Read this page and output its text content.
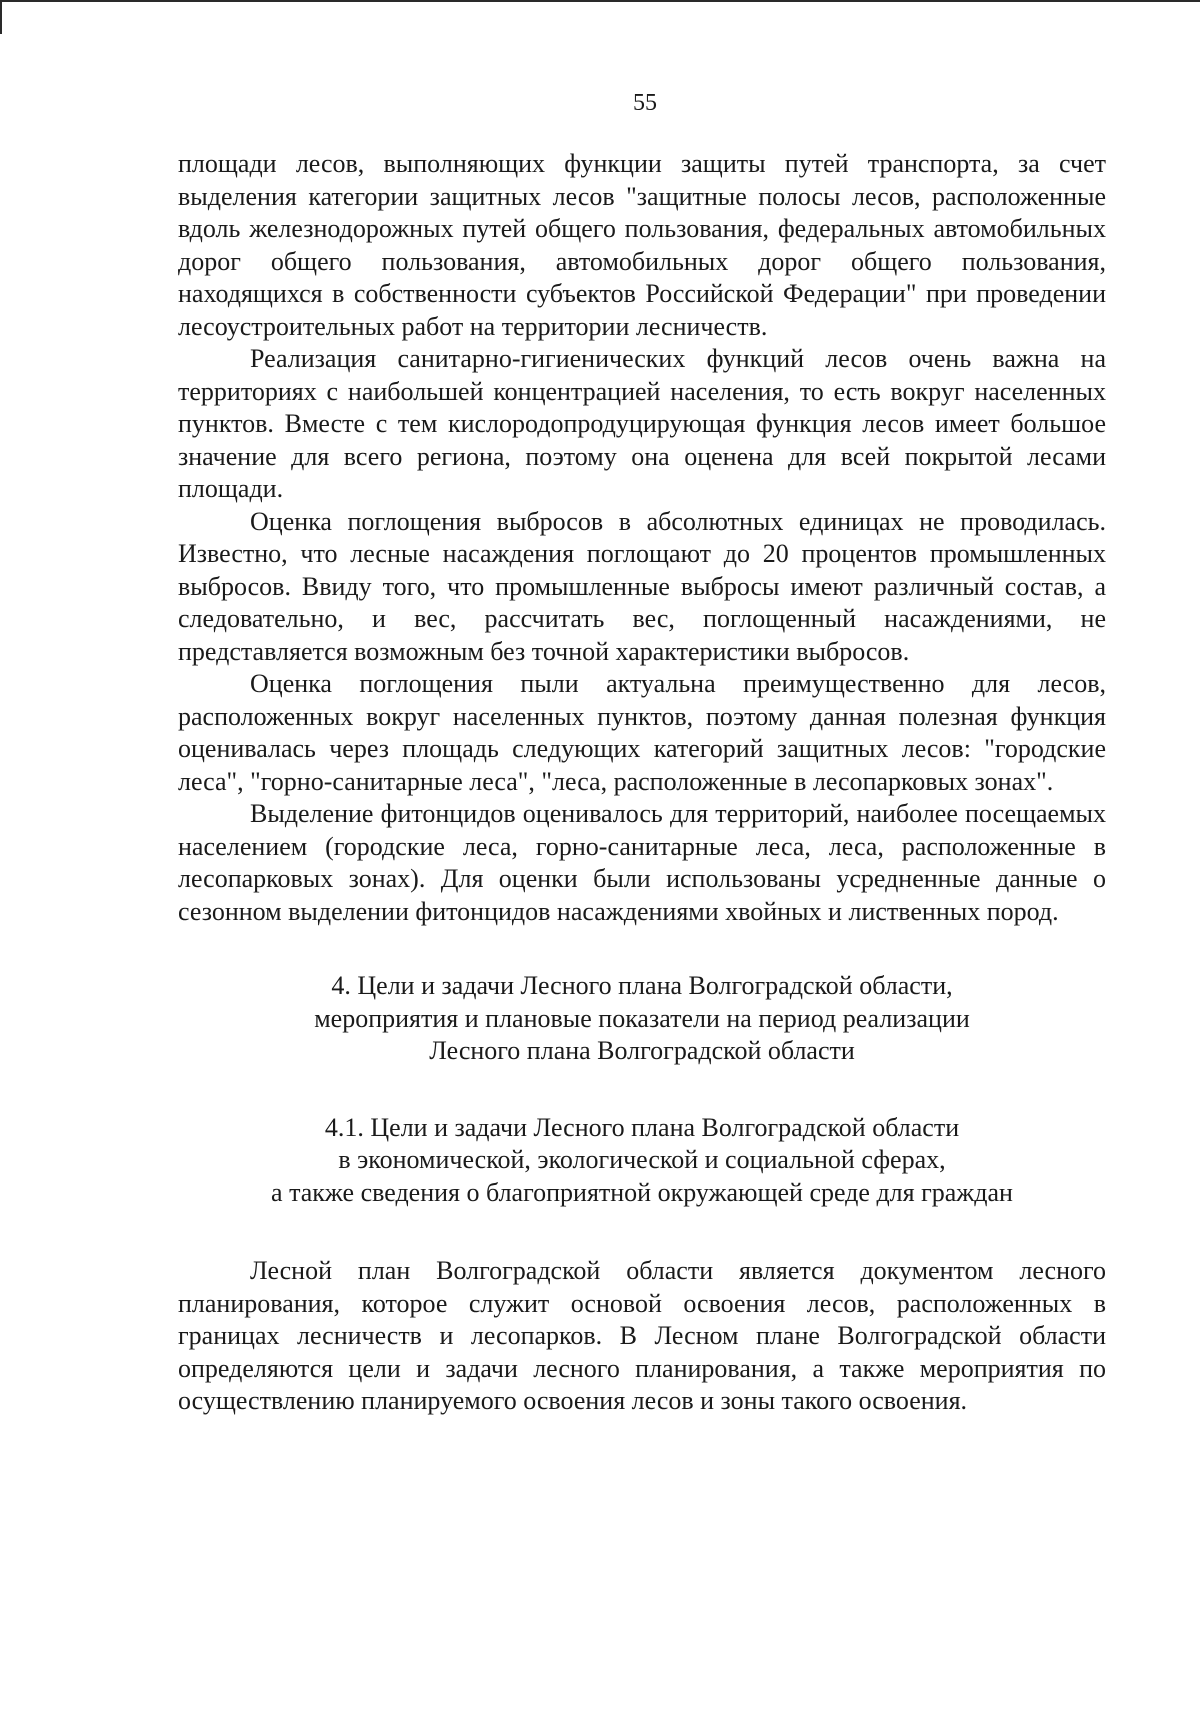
55

площади лесов, выполняющих функции защиты путей транспорта, за счет выделения категории защитных лесов "защитные полосы лесов, расположенные вдоль железнодорожных путей общего пользования, федеральных автомобильных дорог общего пользования, автомобильных дорог общего пользования, находящихся в собственности субъектов Российской Федерации" при проведении лесоустроительных работ на территории лесничеств.

Реализация санитарно-гигиенических функций лесов очень важна на территориях с наибольшей концентрацией населения, то есть вокруг населенных пунктов. Вместе с тем кислородопродуцирующая функция лесов имеет большое значение для всего региона, поэтому она оценена для всей покрытой лесами площади.

Оценка поглощения выбросов в абсолютных единицах не проводилась. Известно, что лесные насаждения поглощают до 20 процентов промышленных выбросов. Ввиду того, что промышленные выбросы имеют различный состав, а следовательно, и вес, рассчитать вес, поглощенный насаждениями, не представляется возможным без точной характеристики выбросов.

Оценка поглощения пыли актуальна преимущественно для лесов, расположенных вокруг населенных пунктов, поэтому данная полезная функция оценивалась через площадь следующих категорий защитных лесов: "городские леса", "горно-санитарные леса", "леса, расположенные в лесопарковых зонах".

Выделение фитонцидов оценивалось для территорий, наиболее посещаемых населением (городские леса, горно-санитарные леса, леса, расположенные в лесопарковых зонах). Для оценки были использованы усредненные данные о сезонном выделении фитонцидов насаждениями хвойных и лиственных пород.

4. Цели и задачи Лесного плана Волгоградской области,
мероприятия и плановые показатели на период реализации
Лесного плана Волгоградской области
4.1. Цели и задачи Лесного плана Волгоградской области
в экономической, экологической и социальной сферах,
а также сведения о благоприятной окружающей среде для граждан

Лесной план Волгоградской области является документом лесного планирования, которое служит основой освоения лесов, расположенных в границах лесничеств и лесопарков. В Лесном плане Волгоградской области определяются цели и задачи лесного планирования, а также мероприятия по осуществлению планируемого освоения лесов и зоны такого освоения.
